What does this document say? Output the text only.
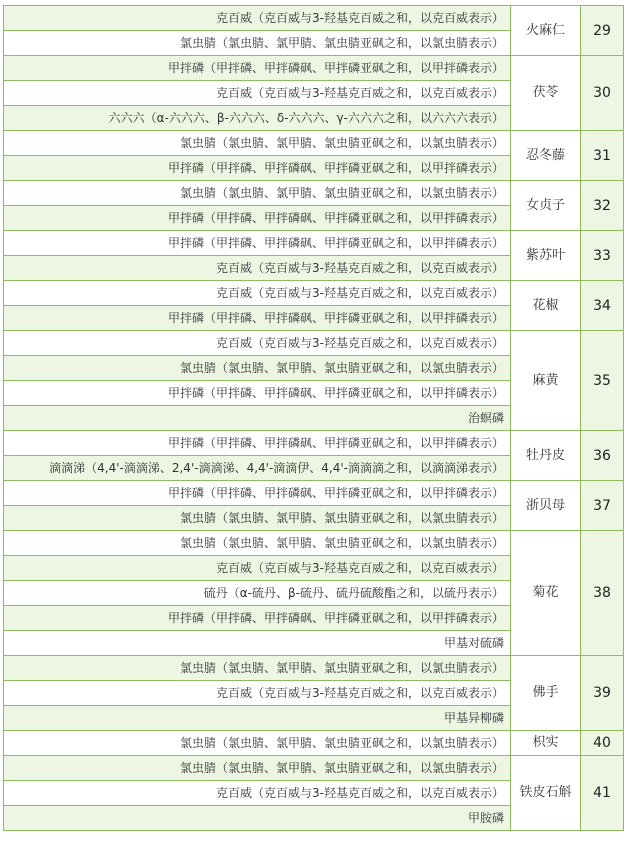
克百威（克百威与3-羟基克百威之和，以克百威表示）	火麻仁	29
氯虫腈（氯虫腈、氯甲腈、氯虫腈亚砜之和，以氯虫腈表示）		
甲拌磷（甲拌磷、甲拌磷砜、甲拌磷亚砜之和，以甲拌磷表示）	茯苓	30
克百威（克百威与3-羟基克百威之和，以克百威表示）		
六六六（α-六六六、β-六六六、δ-六六六、γ-六六六之和，以六六六表示）		
氯虫腈（氯虫腈、氯甲腈、氯虫腈亚砜之和，以氯虫腈表示）	忍冬藤	31
甲拌磷（甲拌磷、甲拌磷砜、甲拌磷亚砜之和，以甲拌磷表示）		
氯虫腈（氯虫腈、氯甲腈、氯虫腈亚砜之和，以氯虫腈表示）	女贞子	32
甲拌磷（甲拌磷、甲拌磷砜、甲拌磷亚砜之和，以甲拌磷表示）		
甲拌磷（甲拌磷、甲拌磷砜、甲拌磷亚砜之和，以甲拌磷表示）	紫苏叶	33
克百威（克百威与3-羟基克百威之和，以克百威表示）		
克百威（克百威与3-羟基克百威之和，以克百威表示）	花椒	34
甲拌磷（甲拌磷、甲拌磷砜、甲拌磷亚砜之和，以甲拌磷表示）		
克百威（克百威与3-羟基克百威之和，以克百威表示）	麻黄	35
氯虫腈（氯虫腈、氯甲腈、氯虫腈亚砜之和，以氯虫腈表示）		
甲拌磷（甲拌磷、甲拌磷砜、甲拌磷亚砜之和，以甲拌磷表示）		
治螟磷		
甲拌磷（甲拌磷、甲拌磷砜、甲拌磷亚砜之和，以甲拌磷表示）	牡丹皮	36
滴滴涕（4,4'-滴滴涕、2,4'-滴滴涕、4,4'-滴滴伊、4,4'-滴滴滴之和，以滴滴涕表示）		
甲拌磷（甲拌磷、甲拌磷砜、甲拌磷亚砜之和，以甲拌磷表示）	浙贝母	37
氯虫腈（氯虫腈、氯甲腈、氯虫腈亚砜之和，以氯虫腈表示）		
氯虫腈（氯虫腈、氯甲腈、氯虫腈亚砜之和，以氯虫腈表示）	菊花	38
克百威（克百威与3-羟基克百威之和，以克百威表示）		
硫丹（α-硫丹、β-硫丹、硫丹硫酸酯之和，以硫丹表示）		
甲拌磷（甲拌磷、甲拌磷砜、甲拌磷亚砜之和，以甲拌磷表示）		
甲基对硫磷		
氯虫腈（氯虫腈、氯甲腈、氯虫腈亚砜之和，以氯虫腈表示）	佛手	39
克百威（克百威与3-羟基克百威之和，以克百威表示）		
甲基异柳磷		
氯虫腈（氯虫腈、氯甲腈、氯虫腈亚砜之和，以氯虫腈表示）	枳实	40
氯虫腈（氯虫腈、氯甲腈、氯虫腈亚砜之和，以氯虫腈表示）	铁皮石斛	41
克百威（克百威与3-羟基克百威之和，以克百威表示）		
甲胺磷		
